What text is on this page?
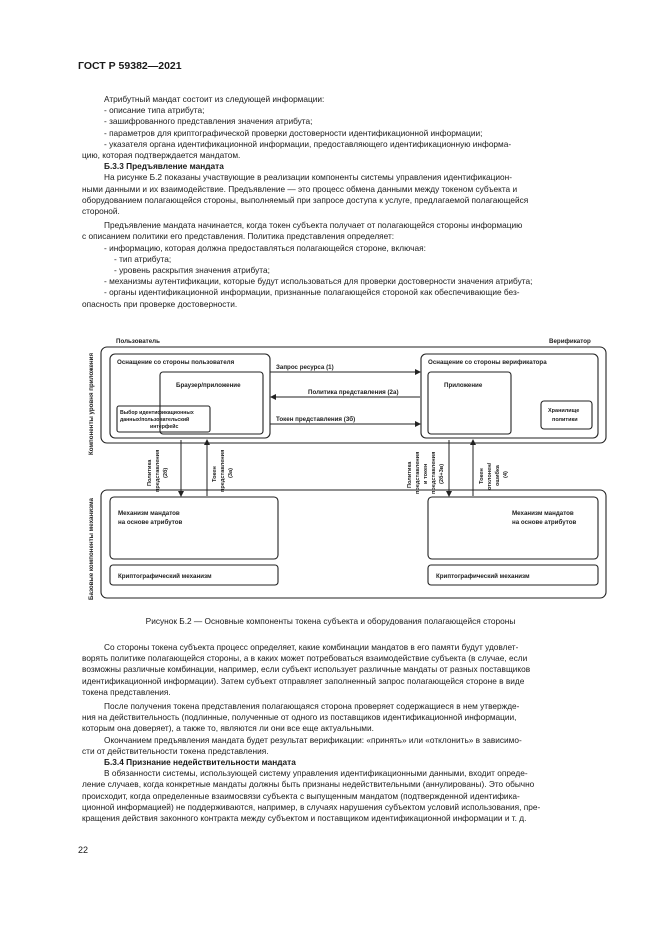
ГОСТ Р 59382—2021

Атрибутный мандат состоит из следующей информации:

- описание типа атрибута;

- зашифрованного представления значения атрибута;

- параметров для криптографической проверки достоверности идентификационной информации;

- указателя органа идентификационной информации, предоставляющего идентификационную информа-

цию, которая подтверждается мандатом.

Б.3.3 Предъявление мандата

На рисунке Б.2 показаны участвующие в реализации компоненты системы управления идентификацион-

ными данными и их взаимодействие. Предъявление — это процесс обмена данными между токеном субъекта и

оборудованием полагающейся стороны, выполняемый при запросе доступа к услуге, предлагаемой полагающейся

стороной.

Предъявление мандата начинается, когда токен субъекта получает от полагающейся стороны информацию

с описанием политики его представления. Политика представления определяет:

- информацию, которая должна предоставляться полагающейся стороне, включая:

- тип атрибута;

- уровень раскрытия значения атрибута;

- механизмы аутентификации, которые будут использоваться для проверки достоверности значения атрибута;

- органы идентификационной информации, признанные полагающейся стороной как обеспечивающие без-

опасность при проверке достоверности.

Пользователь	Верификатор
Компоненты уровня приложения
Базовые компоненты механизма
Оснащение со стороны пользователя	Оснащение со стороны верификатора
Браузер/приложение	Приложение
Выбор идентификационных
данных/пользовательский
интерфейс
Хранилище
политики
Запрос ресурса (1)
Политика представления (2а)
Токен представления (3б)
Политика представления (2б)	Токен представления (3а)	Политика представления и токен представления (2б+3в)	Токен отклонен/ ошибка (4)
Механизм мандатов
на основе атрибутов
Механизм мандатов
на основе атрибутов
Криптографический механизм	Криптографический механизм
Рисунок Б.2 — Основные компоненты токена субъекта и оборудования полагающейся стороны

Со стороны токена субъекта процесс определяет, какие комбинации мандатов в его памяти будут удовлет-

ворять политике полагающейся стороны, а в каких может потребоваться взаимодействие субъекта (в случае, если

возможны различные комбинации, например, если субъект использует различные мандаты от разных поставщиков

идентификационной информации). Затем субъект отправляет заполненный запрос полагающейся стороне в виде

токена представления.

После получения токена представления полагающаяся сторона проверяет содержащиеся в нем утвержде-

ния на действительность (подлинные, полученные от одного из поставщиков идентификационной информации,

которым она доверяет), а также то, являются ли они все еще актуальными.

Окончанием предъявления мандата будет результат верификации: «принять» или «отклонить» в зависимо-

сти от действительности токена представления.

Б.3.4 Признание недействительности мандата

В обязанности системы, использующей систему управления идентификационными данными, входит опреде-

ление случаев, когда конкретные мандаты должны быть признаны недействительными (аннулированы). Это обычно

происходит, когда определенные взаимосвязи субъекта с выпущенным мандатом (подтвержденной идентифика-

ционной информацией) не поддерживаются, например, в случаях нарушения субъектом условий использования, пре-

кращения действия законного контракта между субъектом и поставщиком идентификационной информации и т. д.

22
